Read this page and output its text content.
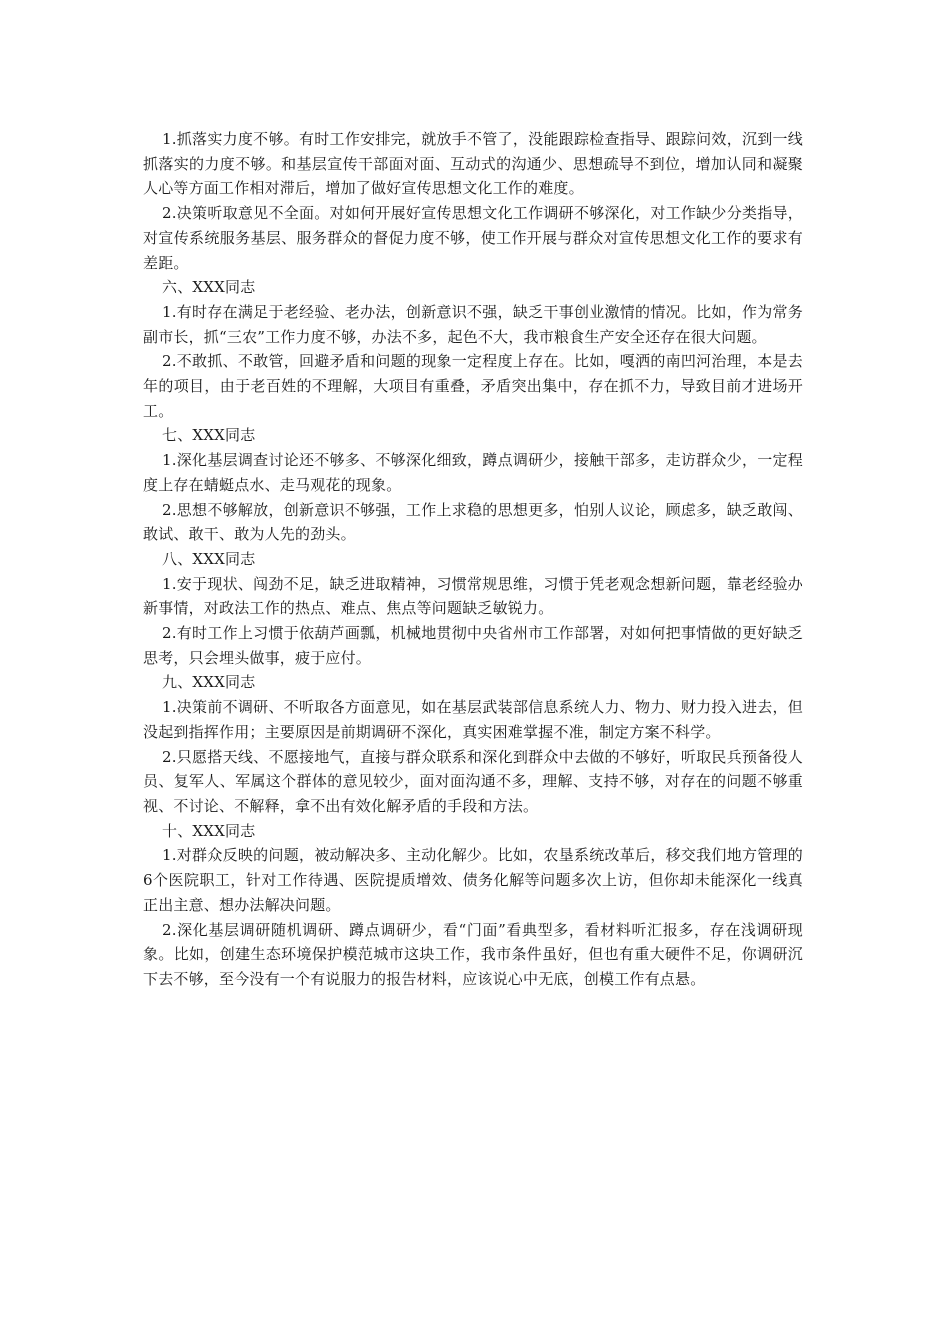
1.抓落实力度不够。有时工作安排完，就放手不管了，没能跟踪检查指导、跟踪问效，沉到一线抓落实的力度不够。和基层宣传干部面对面、互动式的沟通少、思想疏导不到位，增加认同和凝聚人心等方面工作相对滞后，增加了做好宣传思想文化工作的难度。

2.决策听取意见不全面。对如何开展好宣传思想文化工作调研不够深化，对工作缺少分类指导，对宣传系统服务基层、服务群众的督促力度不够，使工作开展与群众对宣传思想文化工作的要求有差距。

六、XXX同志

1.有时存在满足于老经验、老办法，创新意识不强，缺乏干事创业激情的情况。比如，作为常务副市长，抓“三农”工作力度不够，办法不多，起色不大，我市粮食生产安全还存在很大问题。

2.不敢抓、不敢管，回避矛盾和问题的现象一定程度上存在。比如，嘎洒的南凹河治理，本是去年的项目，由于老百姓的不理解，大项目有重叠，矛盾突出集中，存在抓不力，导致目前才进场开工。

七、XXX同志

1.深化基层调查讨论还不够多、不够深化细致，蹲点调研少，接触干部多，走访群众少，一定程度上存在蜻蜓点水、走马观花的现象。

2.思想不够解放，创新意识不够强，工作上求稳的思想更多，怕别人议论，顾虑多，缺乏敢闯、敢试、敢干、敢为人先的劲头。

八、XXX同志

1.安于现状、闯劲不足，缺乏进取精神，习惯常规思维，习惯于凭老观念想新问题，靠老经验办新事情，对政法工作的热点、难点、焦点等问题缺乏敏锐力。

2.有时工作上习惯于依葫芦画瓢，机械地贯彻中央省州市工作部署，对如何把事情做的更好缺乏思考，只会埋头做事，疲于应付。

九、XXX同志

1.决策前不调研、不听取各方面意见，如在基层武装部信息系统人力、物力、财力投入进去，但没起到指挥作用；主要原因是前期调研不深化，真实困难掌握不准，制定方案不科学。

2.只愿搭天线、不愿接地气，直接与群众联系和深化到群众中去做的不够好，听取民兵预备役人员、复军人、军属这个群体的意见较少，面对面沟通不多，理解、支持不够，对存在的问题不够重视、不讨论、不解释，拿不出有效化解矛盾的手段和方法。

十、XXX同志

1.对群众反映的问题，被动解决多、主动化解少。比如，农垦系统改革后，移交我们地方管理的6个医院职工，针对工作待遇、医院提质增效、债务化解等问题多次上访，但你却未能深化一线真正出主意、想办法解决问题。

2.深化基层调研随机调研、蹲点调研少，看“门面”看典型多，看材料听汇报多，存在浅调研现象。比如，创建生态环境保护模范城市这块工作，我市条件虽好，但也有重大硬件不足，你调研沉下去不够，至今没有一个有说服力的报告材料，应该说心中无底，创模工作有点悬。
